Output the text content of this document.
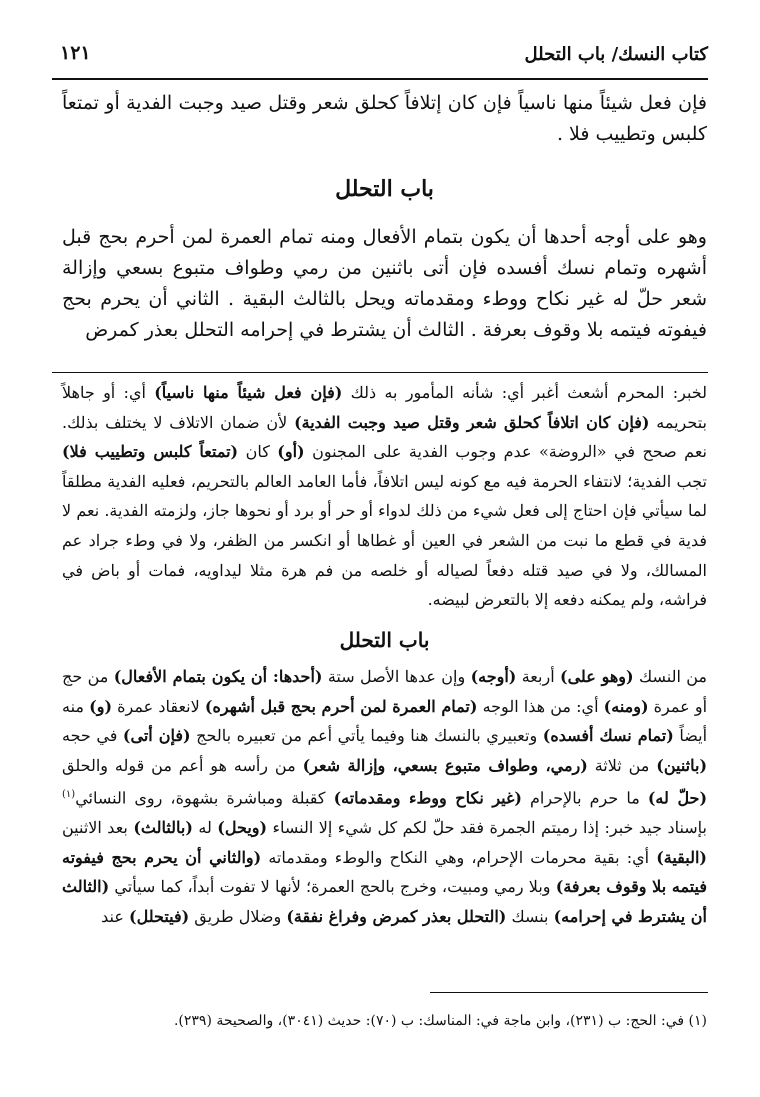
كتاب النسك/ باب التحلل
١٢١
فإن فعل شيئاً منها ناسياً فإن كان إتلافاً كحلق شعر وقتل صيد وجبت الفدية أو تمتعاً كلبس وتطييب فلا .
باب التحلل
وهو على أوجه أحدها أن يكون بتمام الأفعال ومنه تمام العمرة لمن أحرم بحج قبل أشهره وتمام نسك أفسده فإن أتى باثنين من رمي وطواف متبوع بسعي وإزالة شعر حلّ له غير نكاح ووطء ومقدماته ويحل بالثالث البقية . الثاني أن يحرم بحج فيفوته فيتمه بلا وقوف بعرفة . الثالث أن يشترط في إحرامه التحلل بعذر كمرض
لخبر: المحرم أشعث أغبر أي: شأنه المأمور به ذلك (فإن فعل شيئاً منها ناسياً) أي: أو جاهلاً بتحريمه (فإن كان اتلافاً كحلق شعر وقتل صيد وجبت الفدية) لأن ضمان الاتلاف لا يختلف بذلك. نعم صحح في «الروضة» عدم وجوب الفدية على المجنون (أو) كان (تمتعاً كلبس وتطييب فلا) تجب الفدية؛ لانتفاء الحرمة فيه مع كونه ليس اتلافاً، فأما العامد العالم بالتحريم، فعليه الفدية مطلقاً لما سيأتي فإن احتاج إلى فعل شيء من ذلك لدواء أو حر أو برد أو نحوها جاز، ولزمته الفدية. نعم لا فدية في قطع ما نبت من الشعر في العين أو غطاها أو انكسر من الظفر، ولا في وطء جراد عم المسالك، ولا في صيد قتله دفعاً لصياله أو خلصه من فم هرة مثلا ليداويه، فمات أو باض في فراشه، ولم يمكنه دفعه إلا بالتعرض لبيضه.
باب التحلل
من النسك (وهو على) أربعة (أوجه) وإن عدها الأصل ستة (أحدها: أن يكون بتمام الأفعال) من حج أو عمرة (ومنه) أي: من هذا الوجه (تمام العمرة لمن أحرم بحج قبل أشهره) لانعقاد عمرة (و) منه أيضاً (تمام نسك أفسده) وتعبيري بالنسك هنا وفيما يأتي أعم من تعبيره بالحج (فإن أتى) في حجه (باثنين) من ثلاثة (رمي، وطواف متبوع بسعي، وإزالة شعر) من رأسه هو أعم من قوله والحلق (حلّ له) ما حرم بالإحرام (غير نكاح ووطء ومقدماته) كقبلة ومباشرة بشهوة، روى النسائي$^{(١)}$ بإسناد جيد خبر: إذا رميتم الجمرة فقد حلّ لكم كل شيء إلا النساء (ويحل) له (بالثالث) بعد الاثنين (البقية) أي: بقية محرمات الإحرام، وهي النكاح والوطء ومقدماته (والثاني أن يحرم بحج فيفوته فيتمه بلا وقوف بعرفة) وبلا رمي ومبيت، وخرج بالحج العمرة؛ لأنها لا تفوت أبداً، كما سيأتي (الثالث أن يشترط في إحرامه) بنسك (التحلل بعذر كمرض وفراغ نفقة) وضلال طريق (فيتحلل) عند
(١) في: الحج: ب (٢٣١)، وابن ماجة في: المناسك: ب (٧٠): حديث (٣٠٤١)، والصحيحة (٢٣٩).
